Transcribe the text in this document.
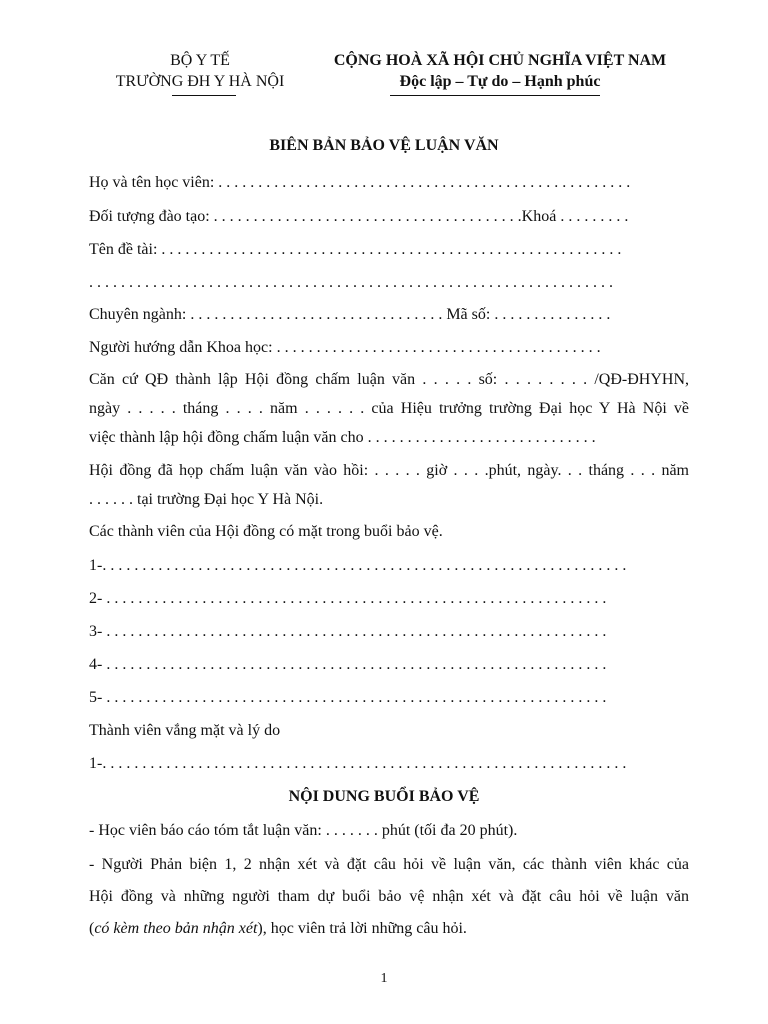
BỘ Y TẾ
TRƯỜNG ĐH Y HÀ NỘI
CỘNG HOÀ XÃ HỘI CHỦ NGHĨA VIỆT NAM
Độc lập – Tự do – Hạnh phúc
BIÊN BẢN BẢO VỆ LUẬN VĂN
Họ và tên học viên: . . . . . . . . . . . . . . . . . . . . . . . . . . . . . . . . . . . . . . . . . . . . . . . . . . . .
Đối tượng đào tạo: . . . . . . . . . . . . . . . . . . . . . . . . . . . . . . . . . . . . . . .Khoá . . . . . . . . .
Tên đề tài: . . . . . . . . . . . . . . . . . . . . . . . . . . . . . . . . . . . . . . . . . . . . . . . . . . . . . . . . . .
. . . . . . . . . . . . . . . . . . . . . . . . . . . . . . . . . . . . . . . . . . . . . . . . . . . . . . . . . . . . . . . . . .
Chuyên ngành: . . . . . . . . . . . . . . . . . . . . . . . . . . . . . . . . Mã số: . . . . . . . . . . . . . . .
Người hướng dẫn Khoa học: . . . . . . . . . . . . . . . . . . . . . . . . . . . . . . . . . . . . . . . . .
Căn cứ QĐ thành lập Hội đồng chấm luận văn . . . . . số: . . . . . . . . /QĐ-ĐHYHN,
ngày . . . . . tháng . . . . năm . . . . . . của Hiệu trưởng trường Đại học Y Hà Nội về
việc thành lập hội đồng chấm luận văn cho . . . . . . . . . . . . . . . . . . . . . . . . . . . . .
Hội đồng đã họp chấm luận văn vào hồi: . . . . . giờ . . . .phút, ngày. . . tháng . . . năm
. . . . . . tại trường Đại học Y Hà Nội.
Các thành viên của Hội đồng có mặt trong buổi bảo vệ.
1-. . . . . . . . . . . . . . . . . . . . . . . . . . . . . . . . . . . . . . . . . . . . . . . . . . . . . . . . . . . . . . . . . .
2- . . . . . . . . . . . . . . . . . . . . . . . . . . . . . . . . . . . . . . . . . . . . . . . . . . . . . . . . . . . . . . .
3- . . . . . . . . . . . . . . . . . . . . . . . . . . . . . . . . . . . . . . . . . . . . . . . . . . . . . . . . . . . . . . .
4- . . . . . . . . . . . . . . . . . . . . . . . . . . . . . . . . . . . . . . . . . . . . . . . . . . . . . . . . . . . . . . .
5- . . . . . . . . . . . . . . . . . . . . . . . . . . . . . . . . . . . . . . . . . . . . . . . . . . . . . . . . . . . . . . .
Thành viên vắng mặt và lý do
1-. . . . . . . . . . . . . . . . . . . . . . . . . . . . . . . . . . . . . . . . . . . . . . . . . . . . . . . . . . . . . . . . . .
NỘI DUNG BUỔI BẢO VỆ
- Học viên báo cáo tóm tắt luận văn: . . . . . . . phút (tối đa 20 phút).
- Người Phản biện 1, 2 nhận xét và đặt câu hỏi về luận văn, các thành viên khác của
Hội đồng và những người tham dự buổi bảo vệ nhận xét và đặt câu hỏi về luận văn
(có kèm theo bản nhận xét), học viên trả lời những câu hỏi.
1
